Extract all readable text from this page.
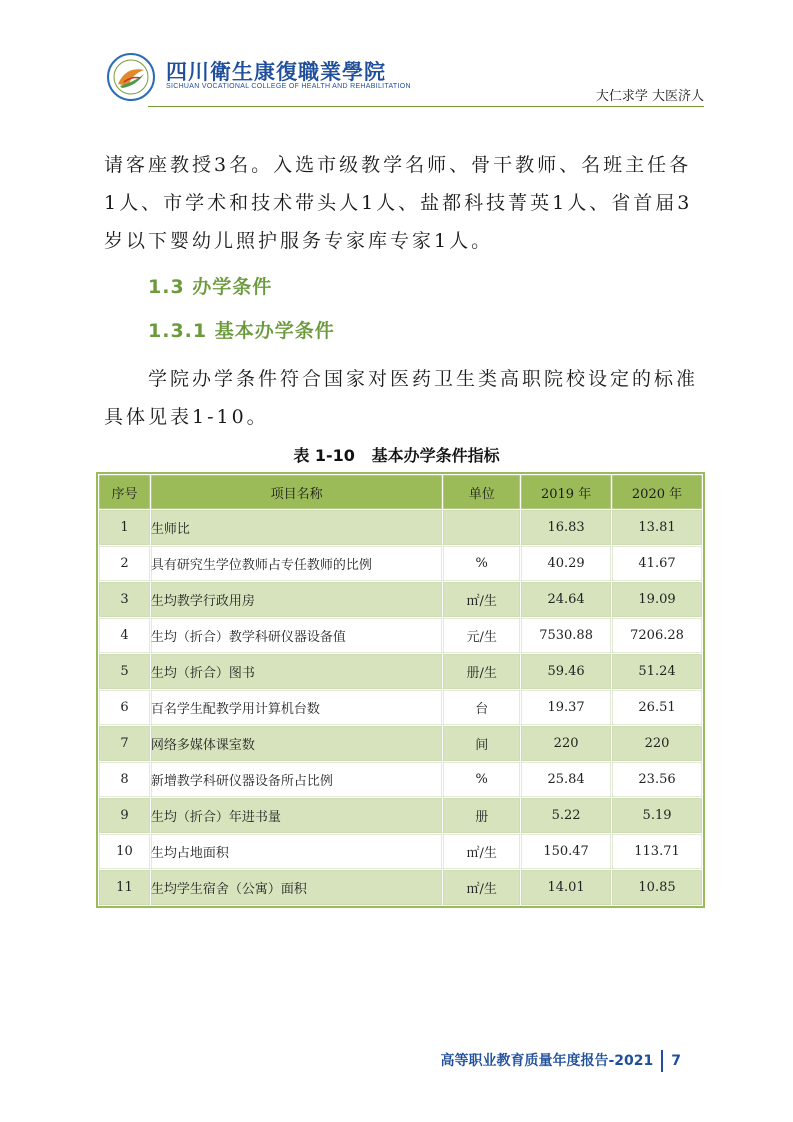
四川衛生康復職業學院
SICHUAN VOCATIONAL COLLEGE OF HEALTH AND REHABILITATION
大仁求学 大医济人

请客座教授3名。入选市级教学名师、骨干教师、名班主任各1人、市学术和技术带头人1人、盐都科技菁英1人、省首届3岁以下婴幼儿照护服务专家库专家1人。

1.3 办学条件

1.3.1 基本办学条件

学院办学条件符合国家对医药卫生类高职院校设定的标准具体见表1-10。

表 1-10   基本办学条件指标

序号	项目名称	单位	2019 年	2020 年
1	生师比		16.83	13.81
2	具有研究生学位教师占专任教师的比例	%	40.29	41.67
3	生均教学行政用房	㎡/生	24.64	19.09
4	生均（折合）教学科研仪器设备值	元/生	7530.88	7206.28
5	生均（折合）图书	册/生	59.46	51.24
6	百名学生配教学用计算机台数	台	19.37	26.51
7	网络多媒体课室数	间	220	220
8	新增教学科研仪器设备所占比例	%	25.84	23.56
9	生均（折合）年进书量	册	5.22	5.19
10	生均占地面积	㎡/生	150.47	113.71
11	生均学生宿舍（公寓）面积	㎡/生	14.01	10.85
高等职业教育质量年度报告-2021 7
